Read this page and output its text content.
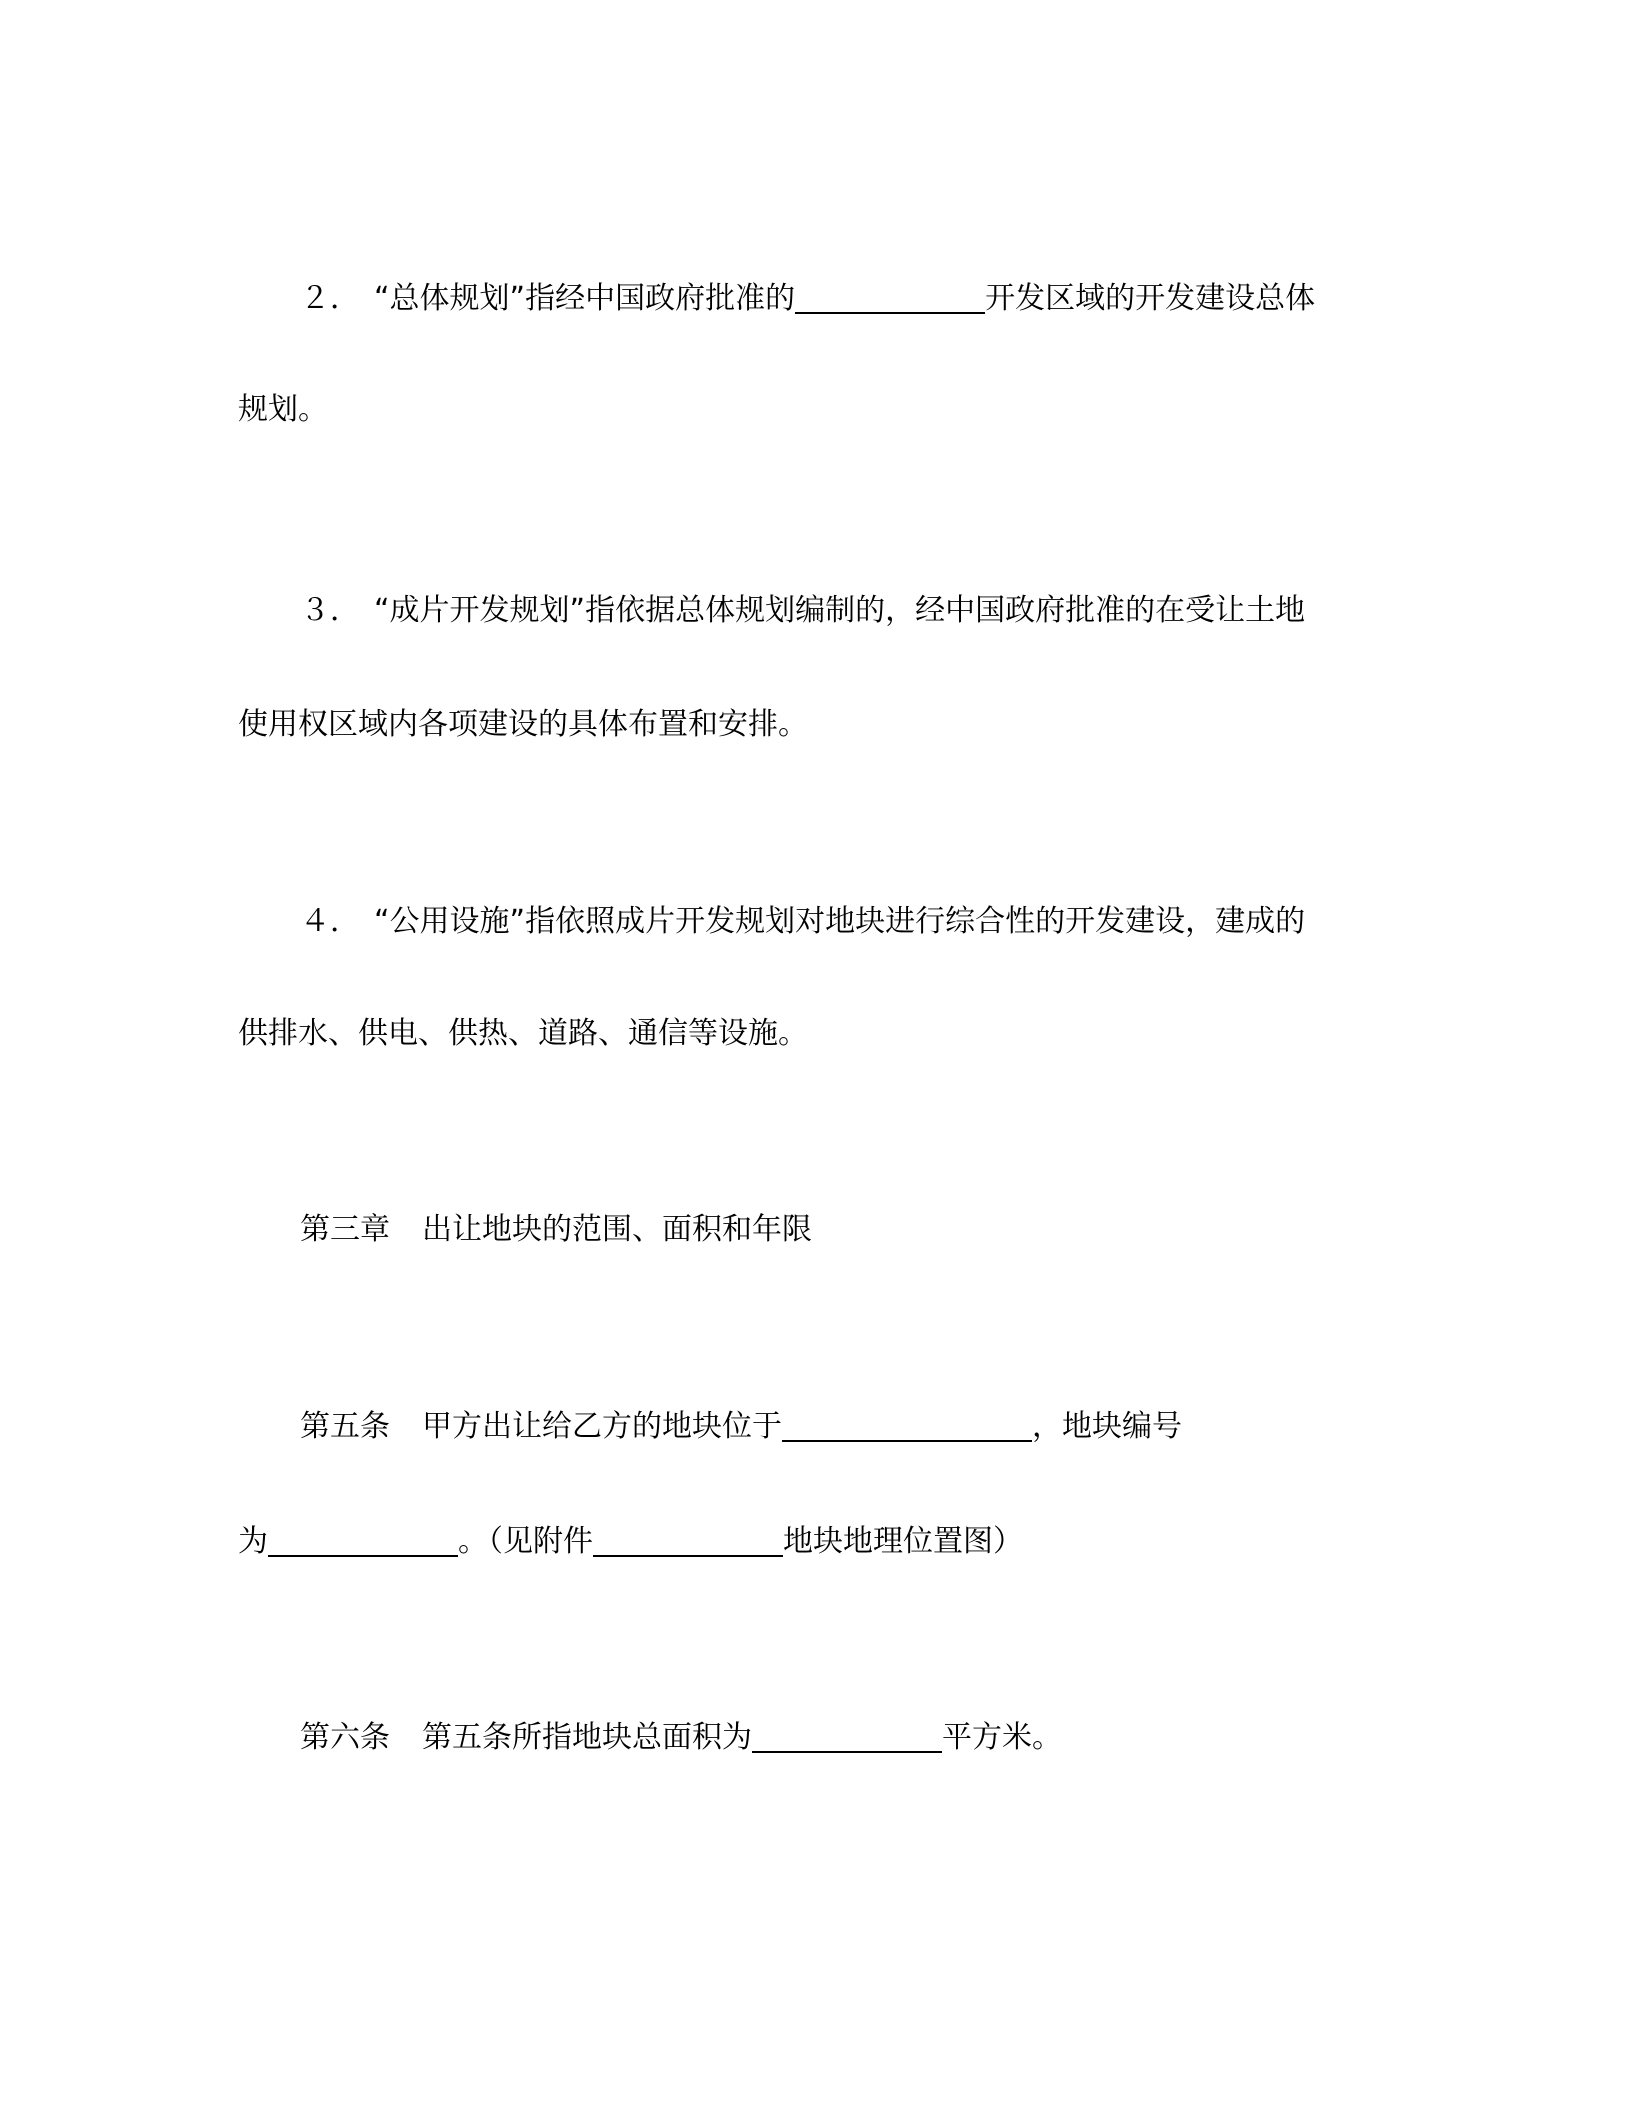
２． “总体规划”指经中国政府批准的	开发区域的开发建设总体
规划。
３． “成片开发规划”指依据总体规划编制的，经中国政府批准的在受让土地
使用权区域内各项建设的具体布置和安排。
４． “公用设施”指依照成片开发规划对地块进行综合性的开发建设，建成的
供排水、供电、供热、道路、通信等设施。
第三章 出让地块的范围、面积和年限
第五条 甲方出让给乙方的地块位于	，地块编号
为	。（见附件	地块地理位置图）
第六条 第五条所指地块总面积为	平方米。
